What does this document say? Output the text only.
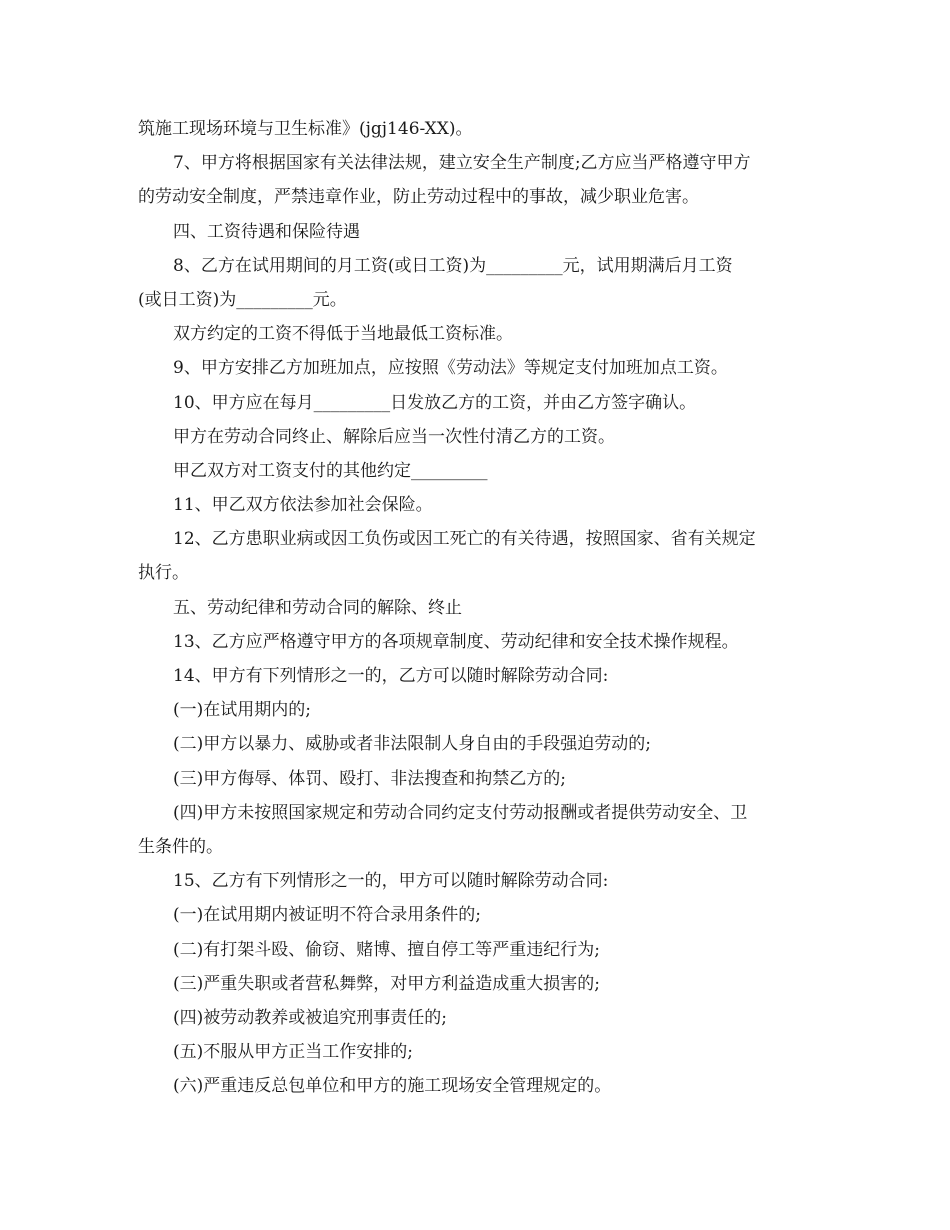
筑施工现场环境与卫生标准》(jgj146-XX)。
7、甲方将根据国家有关法律法规，建立安全生产制度;乙方应当严格遵守甲方
的劳动安全制度，严禁违章作业，防止劳动过程中的事故，减少职业危害。
四、工资待遇和保险待遇
8、乙方在试用期间的月工资(或日工资)为_________元，试用期满后月工资
(或日工资)为_________元。
双方约定的工资不得低于当地最低工资标准。
9、甲方安排乙方加班加点，应按照《劳动法》等规定支付加班加点工资。
10、甲方应在每月_________日发放乙方的工资，并由乙方签字确认。
甲方在劳动合同终止、解除后应当一次性付清乙方的工资。
甲乙双方对工资支付的其他约定_________
11、甲乙双方依法参加社会保险。
12、乙方患职业病或因工负伤或因工死亡的有关待遇，按照国家、省有关规定
执行。
五、劳动纪律和劳动合同的解除、终止
13、乙方应严格遵守甲方的各项规章制度、劳动纪律和安全技术操作规程。
14、甲方有下列情形之一的，乙方可以随时解除劳动合同:
(一)在试用期内的;
(二)甲方以暴力、威胁或者非法限制人身自由的手段强迫劳动的;
(三)甲方侮辱、体罚、殴打、非法搜查和拘禁乙方的;
(四)甲方未按照国家规定和劳动合同约定支付劳动报酬或者提供劳动安全、卫
生条件的。
15、乙方有下列情形之一的，甲方可以随时解除劳动合同:
(一)在试用期内被证明不符合录用条件的;
(二)有打架斗殴、偷窃、赌博、擅自停工等严重违纪行为;
(三)严重失职或者营私舞弊，对甲方利益造成重大损害的;
(四)被劳动教养或被追究刑事责任的;
(五)不服从甲方正当工作安排的;
(六)严重违反总包单位和甲方的施工现场安全管理规定的。
